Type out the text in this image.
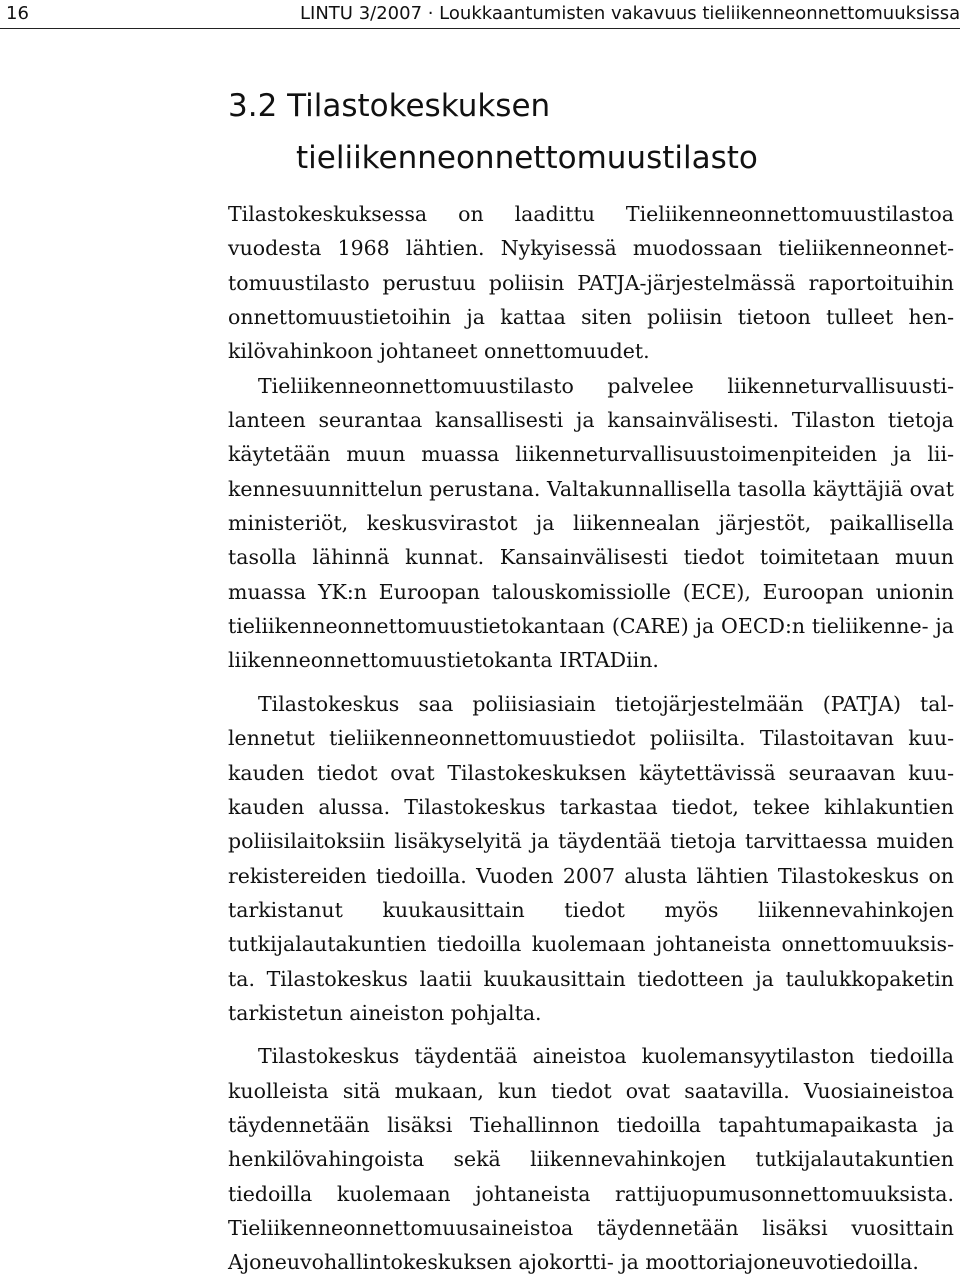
16	LINTU 3/2007 · Loukkaantumisten vakavuus tieliikenneonnettomuuksissa
3.2 Tilastokeskuksen
tieliikenneonnettomuustilasto

Tilastokeskuksessa on laadittu Tieliikenneonnettomuustilastoa vuodesta 1968 lähtien. Nykyisessä muodossaan tieliikenneonnettomuustilasto perustuu poliisin PATJA-järjestelmässä raportoituihin onnettomuustietoihin ja kattaa siten poliisin tietoon tulleet henkilövahinkoon johtaneet onnettomuudet.

Tieliikenneonnettomuustilasto palvelee liikenneturvallisuustilanteen seurantaa kansallisesti ja kansainvälisesti. Tilaston tietoja käytetään muun muassa liikenneturvallisuustoimenpiteiden ja liikennesuunnittelun perustana. Valtakunnallisella tasolla käyttäjiä ovat ministeriöt, keskusvirastot ja liikennealan järjestöt, paikallisella tasolla lähinnä kunnat. Kansainvälisesti tiedot toimitetaan muun muassa YK:n Euroopan talouskomissiolle (ECE), Euroopan unionin tieliikenneonnettomuustietokantaan (CARE) ja OECD:n tieliikenne- ja liikenneonnettomuustietokanta IRTADiin.

Tilastokeskus saa poliisiasiain tietojärjestelmään (PATJA) tallennetut tieliikenneonnettomuustiedot poliisilta. Tilastoitavan kuukauden tiedot ovat Tilastokeskuksen käytettävissä seuraavan kuukauden alussa. Tilastokeskus tarkastaa tiedot, tekee kihlakuntien poliisilaitoksiin lisäkyselyitä ja täydentää tietoja tarvittaessa muiden rekistereiden tiedoilla. Vuoden 2007 alusta lähtien Tilastokeskus on tarkistanut kuukausittain tiedot myös liikennevahinkojen tutkijalautakuntien tiedoilla kuolemaan johtaneista onnettomuuksista. Tilastokeskus laatii kuukausittain tiedotteen ja taulukkopaketin tarkistetun aineiston pohjalta.

Tilastokeskus täydentää aineistoa kuolemansyytilaston tiedoilla kuolleista sitä mukaan, kun tiedot ovat saatavilla. Vuosiaineistoa täydennetään lisäksi Tiehallinnon tiedoilla tapahtumapaikasta ja henkilövahingoista sekä liikennevahinkojen tutkijalautakuntien tiedoilla kuolemaan johtaneista rattijuopumusonnettomuuksista. Tieliikenneonnettomuusaineistoa täydennetään lisäksi vuosittain Ajoneuvohallintokeskuksen ajokortti- ja moottoriajoneuvotiedoilla.
